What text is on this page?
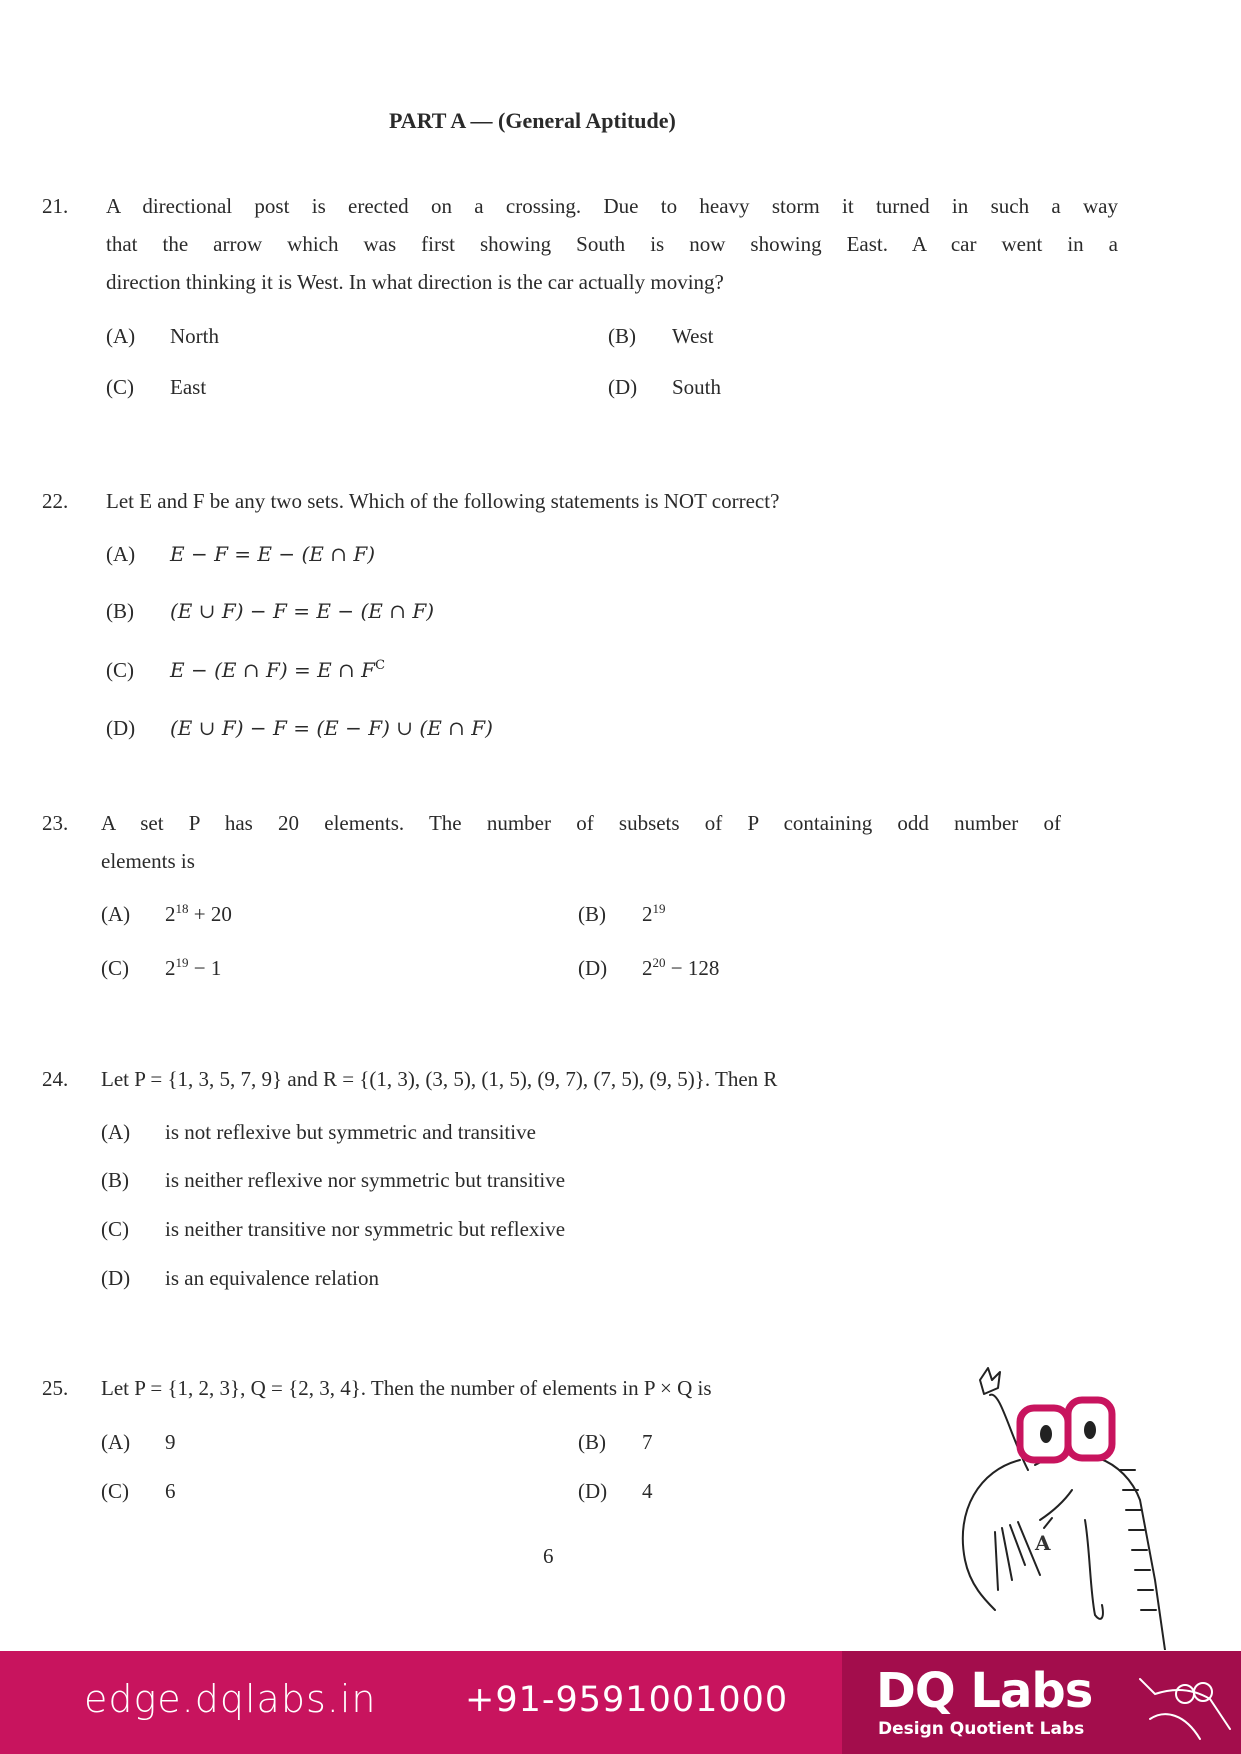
PART A — (General Aptitude)
21. A directional post is erected on a crossing. Due to heavy storm it turned in such a way
that the arrow which was first showing South is now showing East. A car went in a
direction thinking it is West. In what direction is the car actually moving?
(A) North	(B) West
(C) East	(D) South
22. Let E and F be any two sets. Which of the following statements is NOT correct?
(A) E − F = E − (E ∩ F)
(B) (E ∪ F) − F = E − (E ∩ F)
(C) E − (E ∩ F) = E ∩ $F^C$
(D) (E ∪ F) − F = (E − F) ∪ (E ∩ F)
23. A set P has 20 elements. The number of subsets of P containing odd number of
elements is
(A) $2^{18} + 20$	(B) $2^{19}$
(C) $2^{19} - 1$	(D) $2^{20} - 128$
24. Let P = {1, 3, 5, 7, 9} and R = {(1, 3), (3, 5), (1, 5), (9, 7), (7, 5), (9, 5)}. Then R
(A) is not reflexive but symmetric and transitive
(B) is neither reflexive nor symmetric but transitive
(C) is neither transitive nor symmetric but reflexive
(D) is an equivalence relation
25. Let P = {1, 2, 3}, Q = {2, 3, 4}. Then the number of elements in P × Q is
(A) 9	(B) 7
(C) 6	(D) 4
6
A
edge.dqlabs.in	+91-9591001000 DQ Labs
Design Quotient Labs
